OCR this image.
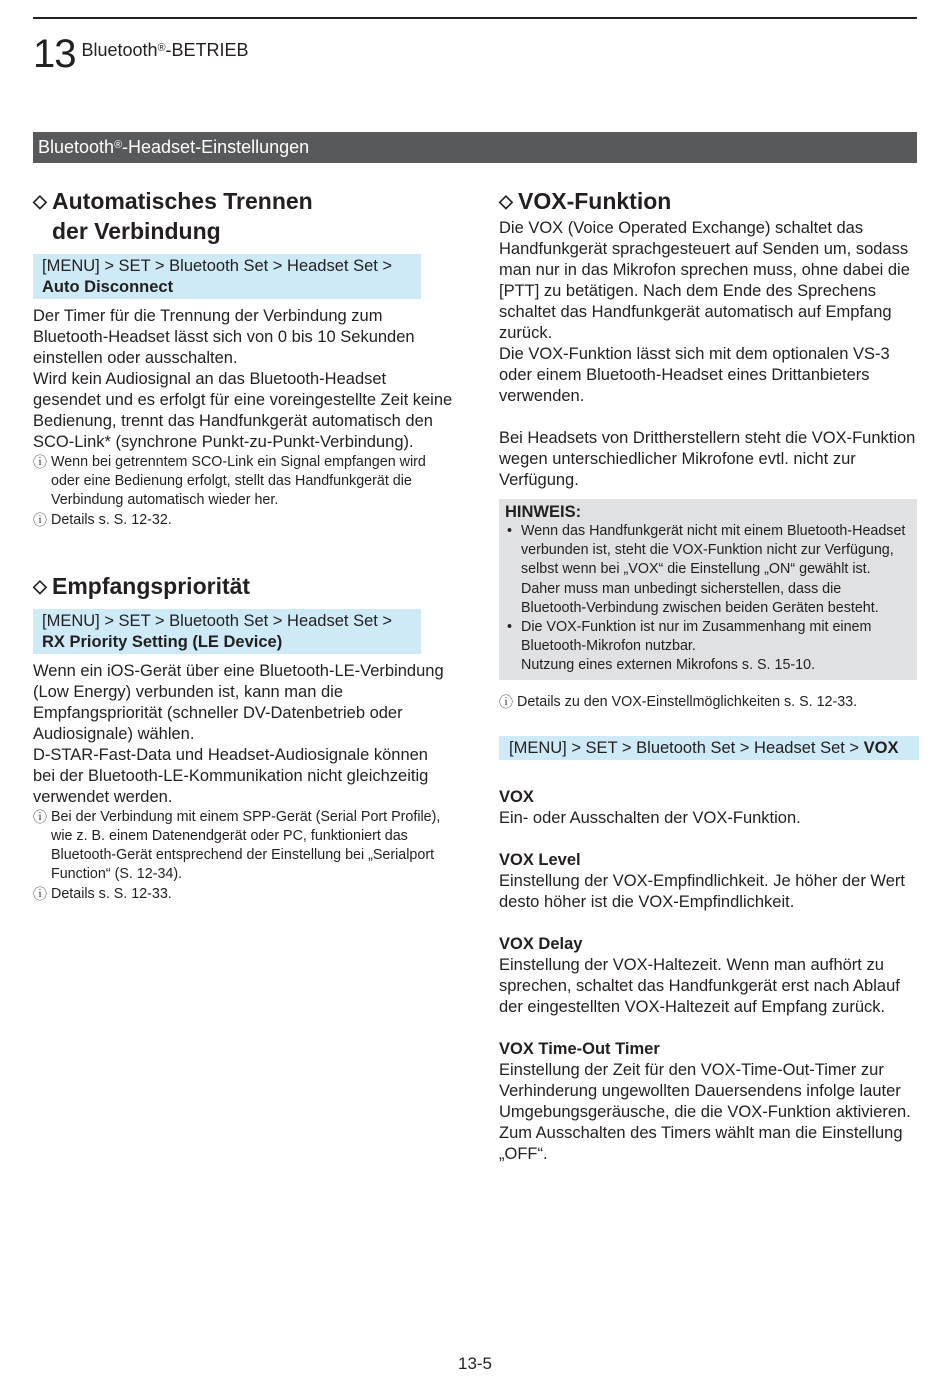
13 Bluetooth®-BETRIEB
Bluetooth®-Headset-Einstellungen
◇ Automatisches Trennen
der Verbindung
[MENU] > SET > Bluetooth Set > Headset Set >
Auto Disconnect

Der Timer für die Trennung der Verbindung zum Bluetooth-Headset lässt sich von 0 bis 10 Sekunden einstellen oder ausschalten.

Wird kein Audiosignal an das Bluetooth-Headset gesendet und es erfolgt für eine voreingestellte Zeit keine Bedienung, trennt das Handfunkgerät automatisch den SCO-Link* (synchrone Punkt-zu-Punkt-Verbindung).

ⓘ Wenn bei getrenntem SCO-Link ein Signal empfangen wird oder eine Bedienung erfolgt, stellt das Handfunkgerät die Verbindung automatisch wieder her.
ⓘ Details s. S. 12-32.
◇ Empfangspriorität
[MENU] > SET > Bluetooth Set > Headset Set >
RX Priority Setting (LE Device)

Wenn ein iOS-Gerät über eine Bluetooth-LE-Verbindung (Low Energy) verbunden ist, kann man die Empfangspriorität (schneller DV-Datenbetrieb oder Audiosignale) wählen.

D-STAR-Fast-Data und Headset-Audiosignale können bei der Bluetooth-LE-Kommunikation nicht gleichzeitig verwendet werden.

ⓘ Bei der Verbindung mit einem SPP-Gerät (Serial Port Profile), wie z. B. einem Datenendgerät oder PC, funktioniert das Bluetooth-Gerät entsprechend der Einstellung bei „Serialport Function“ (S. 12-34).
ⓘ Details s. S. 12-33.
◇ VOX-Funktion

Die VOX (Voice Operated Exchange) schaltet das Handfunkgerät sprachgesteuert auf Senden um, sodass man nur in das Mikrofon sprechen muss, ohne dabei die [PTT] zu betätigen. Nach dem Ende des Sprechens schaltet das Handfunkgerät automatisch auf Empfang zurück.

Die VOX-Funktion lässt sich mit dem optionalen VS-3 oder einem Bluetooth-Headset eines Drittanbieters verwenden.

Bei Headsets von Drittherstellern steht die VOX-Funktion wegen unterschiedlicher Mikrofone evtl. nicht zur Verfügung.

HINWEIS:
• Wenn das Handfunkgerät nicht mit einem Bluetooth-Headset verbunden ist, steht die VOX-Funktion nicht zur Verfügung, selbst wenn bei „VOX“ die Einstellung „ON“ gewählt ist. Daher muss man unbedingt sicherstellen, dass die Bluetooth-Verbindung zwischen beiden Geräten besteht.
• Die VOX-Funktion ist nur im Zusammenhang mit einem Bluetooth-Mikrofon nutzbar.
Nutzung eines externen Mikrofons s. S. 15-10.
ⓘ Details zu den VOX-Einstellmöglichkeiten s. S. 12-33.
[MENU] > SET > Bluetooth Set > Headset Set > VOX

VOX

Ein- oder Ausschalten der VOX-Funktion.

VOX Level

Einstellung der VOX-Empfindlichkeit. Je höher der Wert desto höher ist die VOX-Empfindlichkeit.

VOX Delay

Einstellung der VOX-Haltezeit. Wenn man aufhört zu sprechen, schaltet das Handfunkgerät erst nach Ablauf der eingestellten VOX-Haltezeit auf Empfang zurück.

VOX Time-Out Timer

Einstellung der Zeit für den VOX-Time-Out-Timer zur Verhinderung ungewollten Dauersendens infolge lauter Umgebungsgeräusche, die die VOX-Funktion aktivieren. Zum Ausschalten des Timers wählt man die Einstellung „OFF“.

13-5
